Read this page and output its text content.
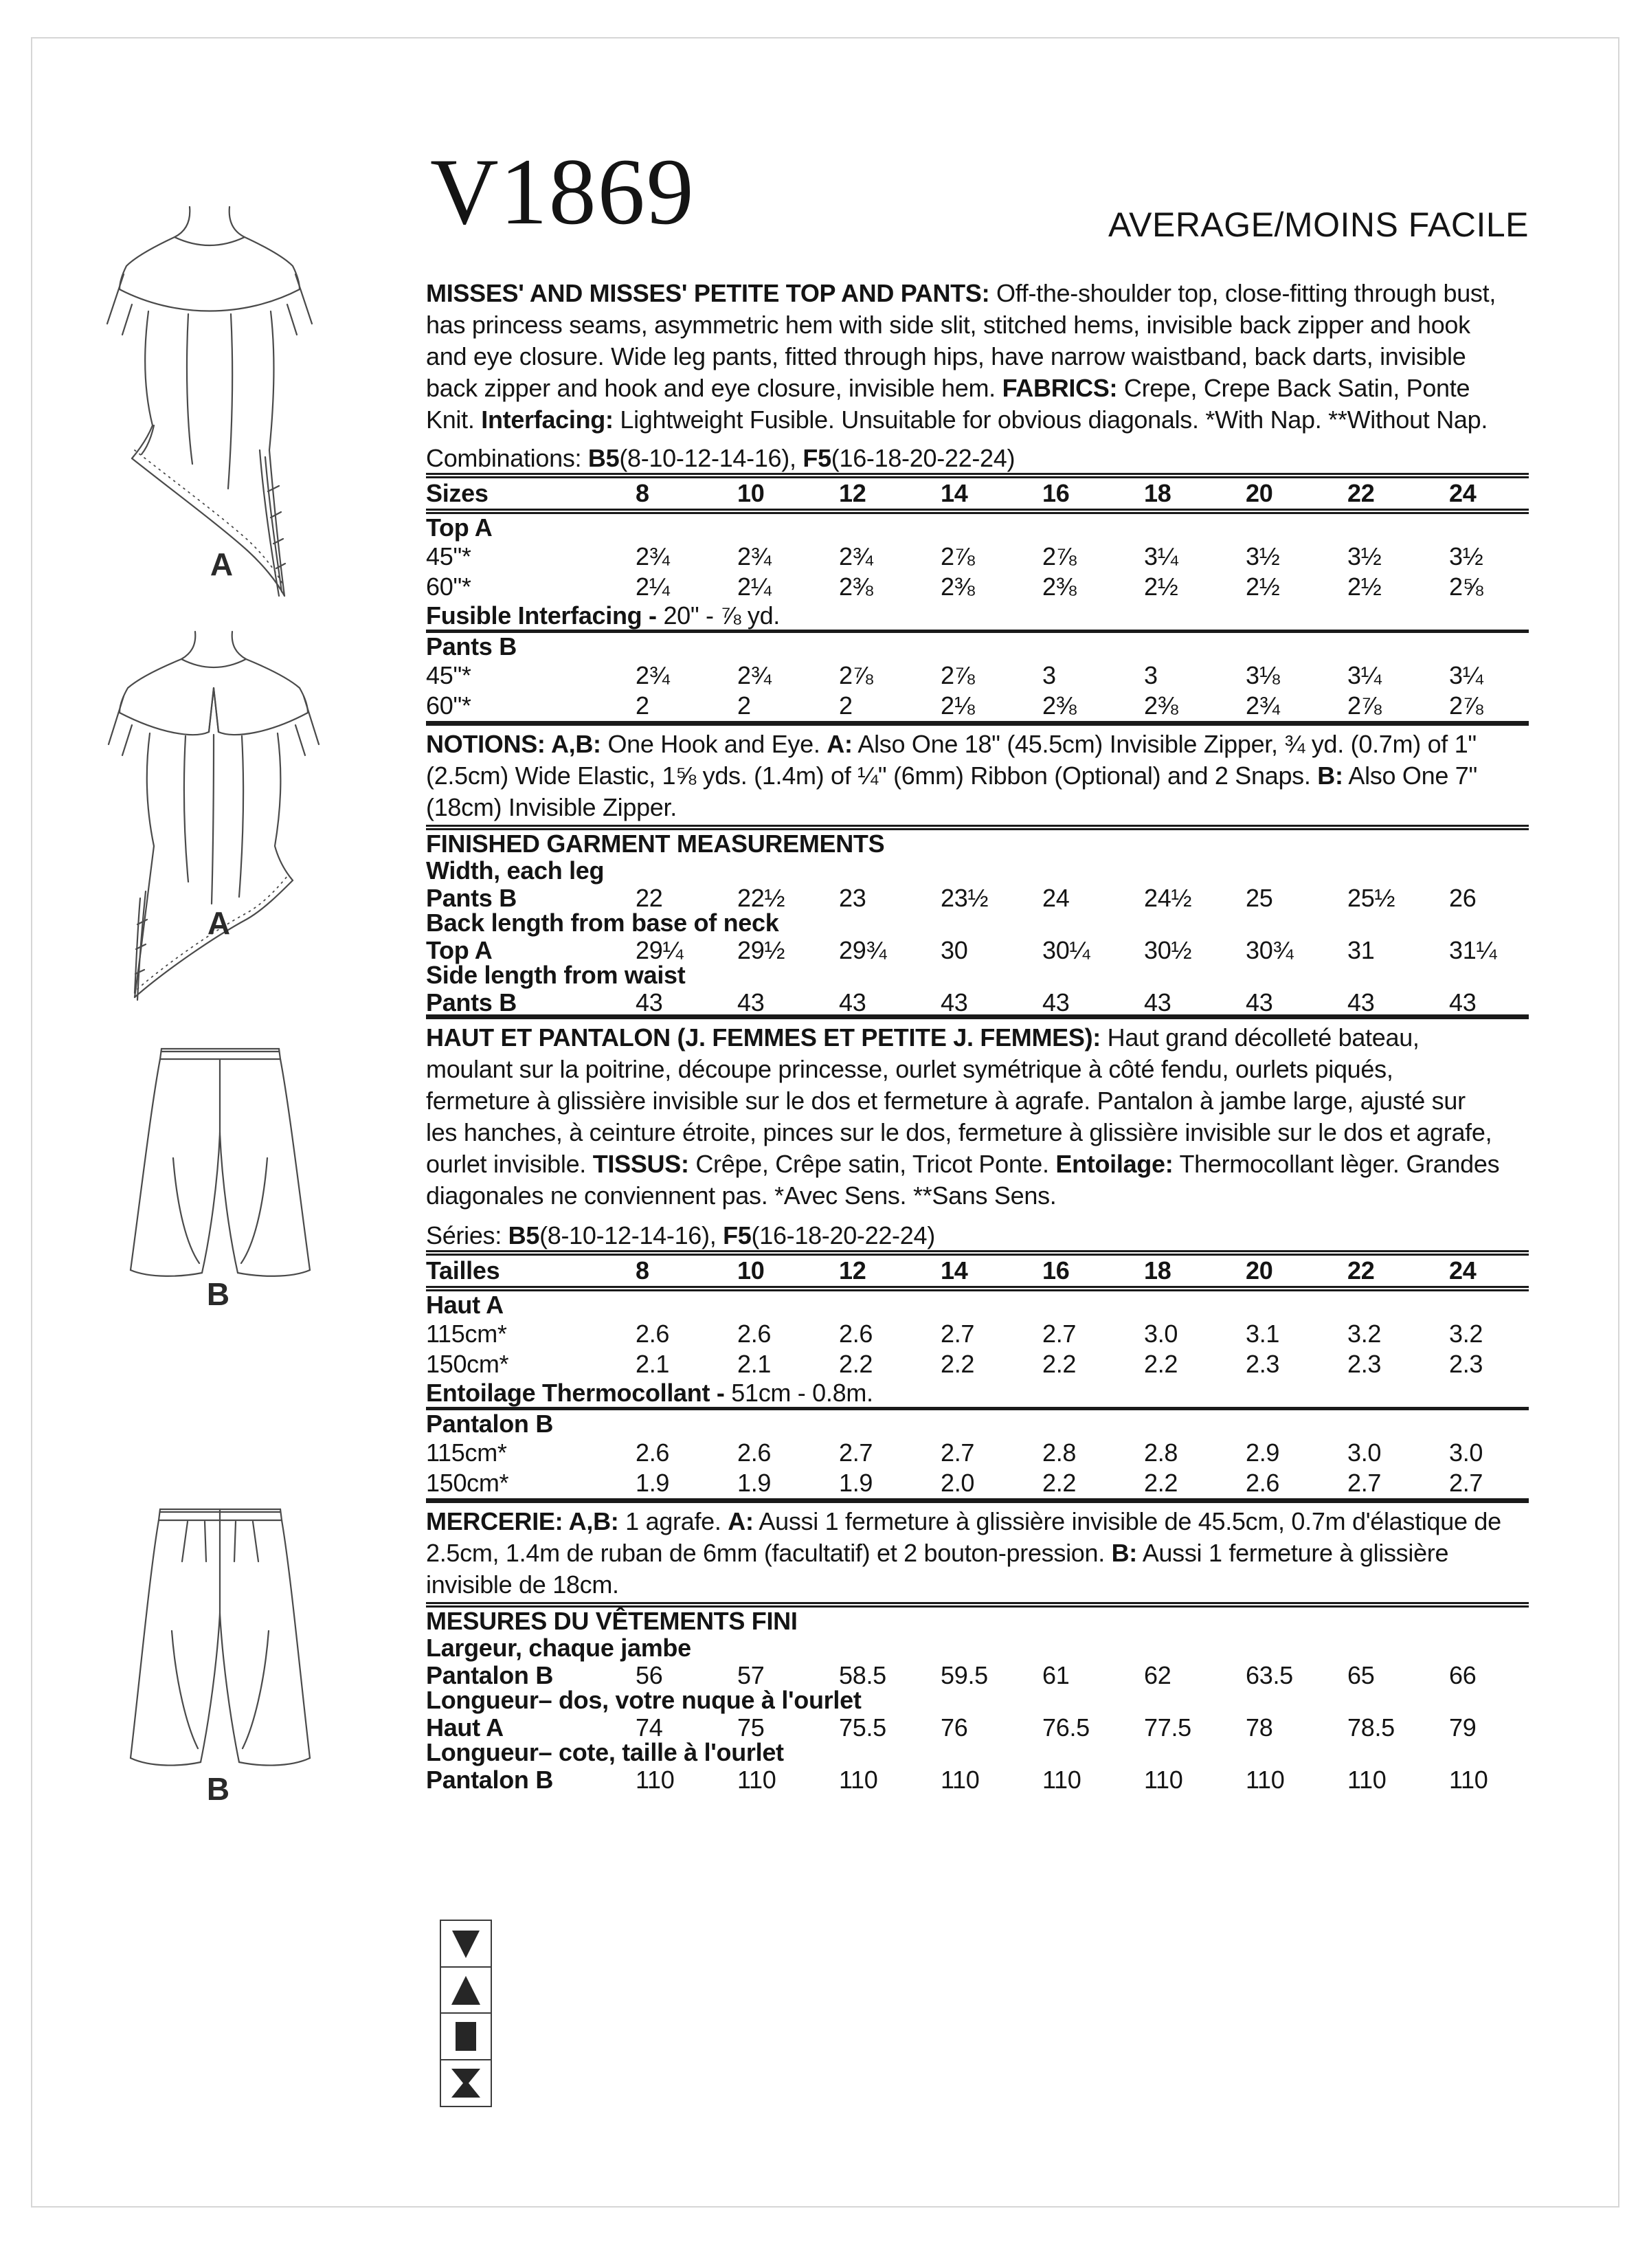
A
A
B
B
V1869	AVERAGE/MOINS FACILE

MISSES' AND MISSES' PETITE TOP AND PANTS: Off-the-shoulder top, close-fitting through bust, has princess seams, asymmetric hem with side slit, stitched hems, invisible back zipper and hook and eye closure. Wide leg pants, fitted through hips, have narrow waistband, back darts, invisible back zipper and hook and eye closure, invisible hem. FABRICS: Crepe, Crepe Back Satin, Ponte Knit. Interfacing: Lightweight Fusible. Unsuitable for obvious diagonals. *With Nap. **Without Nap.

Combinations: B5(8-10-12-14-16), F5(16-18-20-22-24)
Sizes	8	10	12	14	16	18	20	22	24
Top A
45"*	2¾	2¾	2¾	2⅞	2⅞	3¼	3½	3½	3½
60"*	2¼	2¼	2⅜	2⅜	2⅜	2½	2½	2½	2⅝
Fusible Interfacing - 20" - ⅞ yd.
Pants B
45"*	2¾	2¾	2⅞	2⅞	3	3	3⅛	3¼	3¼
60"*	2	2	2	2⅛	2⅜	2⅜	2¾	2⅞	2⅞

NOTIONS: A,B: One Hook and Eye. A: Also One 18" (45.5cm) Invisible Zipper, ¾ yd. (0.7m) of 1" (2.5cm) Wide Elastic, 1⅝ yds. (1.4m) of ¼" (6mm) Ribbon (Optional) and 2 Snaps. B: Also One 7" (18cm) Invisible Zipper.

FINISHED GARMENT MEASUREMENTS
Width, each leg
Pants B	22	22½	23	23½	24	24½	25	25½	26
Back length from base of neck
Top A	29¼	29½	29¾	30	30¼	30½	30¾	31	31¼
Side length from waist
Pants B	43	43	43	43	43	43	43	43	43

HAUT ET PANTALON (J. FEMMES ET PETITE J. FEMMES): Haut grand décolleté bateau, moulant sur la poitrine, découpe princesse, ourlet symétrique à côté fendu, ourlets piqués, fermeture à glissière invisible sur le dos et fermeture à agrafe. Pantalon à jambe large, ajusté sur les hanches, à ceinture étroite, pinces sur le dos, fermeture à glissière invisible sur le dos et agrafe, ourlet invisible. TISSUS: Crêpe, Crêpe satin, Tricot Ponte. Entoilage: Thermocollant lèger. Grandes diagonales ne conviennent pas. *Avec Sens. **Sans Sens.

Séries: B5(8-10-12-14-16), F5(16-18-20-22-24)
Tailles	8	10	12	14	16	18	20	22	24
Haut A
115cm*	2.6	2.6	2.6	2.7	2.7	3.0	3.1	3.2	3.2
150cm*	2.1	2.1	2.2	2.2	2.2	2.2	2.3	2.3	2.3
Entoilage Thermocollant - 51cm - 0.8m.
Pantalon B
115cm*	2.6	2.6	2.7	2.7	2.8	2.8	2.9	3.0	3.0
150cm*	1.9	1.9	1.9	2.0	2.2	2.2	2.6	2.7	2.7

MERCERIE: A,B: 1 agrafe. A: Aussi 1 fermeture à glissière invisible de 45.5cm, 0.7m d'élastique de 2.5cm, 1.4m de ruban de 6mm (facultatif) et 2 bouton-pression. B: Aussi 1 fermeture à glissière invisible de 18cm.

MESURES DU VÊTEMENTS FINI
Largeur, chaque jambe
Pantalon B	56	57	58.5	59.5	61	62	63.5	65	66
Longueur– dos, votre nuque à l'ourlet
Haut A	74	75	75.5	76	76.5	77.5	78	78.5	79
Longueur– cote, taille à l'ourlet
Pantalon B	110	110	110	110	110	110	110	110	110
